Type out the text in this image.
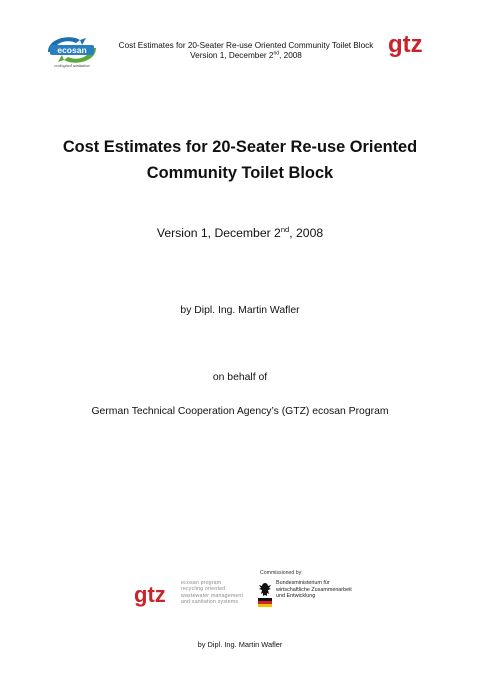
ecosan
ecological sanitation
Cost Estimates for 20-Seater Re-use Oriented Community Toilet Block
Version 1, December 2nd, 2008	gtz
Cost Estimates for 20-Seater Re-use Oriented
Community Toilet Block
Version 1, December 2nd, 2008
by Dipl. Ing. Martin Wafler
on behalf of
German Technical Cooperation Agency’s (GTZ) ecosan Program
gtz	ecosan program
recycling oriented
wastewater management
and sanitation systems
Commissioned by:
Bundesministerium für
wirtschaftliche Zusammenarbeit
und Entwicklung
by Dipl. Ing. Martin Wafler
